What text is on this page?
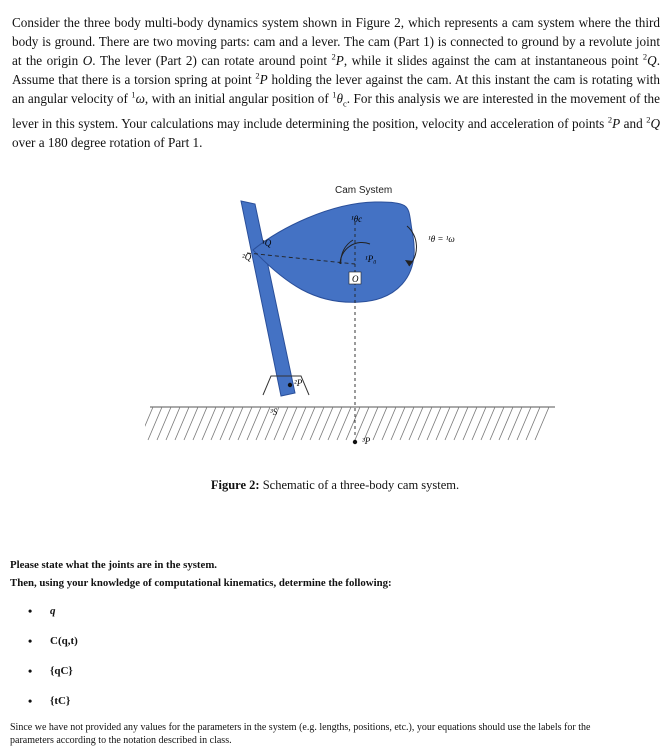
Consider the three body multi-body dynamics system shown in Figure 2, which represents a cam system where the third body is ground. There are two moving parts: cam and a lever. The cam (Part 1) is connected to ground by a revolute joint at the origin O. The lever (Part 2) can rotate around point $^2$P, while it slides against the cam at instantaneous point $^2$Q. Assume that there is a torsion spring at point $^2$P holding the lever against the cam. At this instant the cam is rotating with an angular velocity of $^1$ω, with an initial angular position of $^1\theta_c$. For this analysis we are interested in the movement of the lever in this system. Your calculations may include determining the position, velocity and acceleration of points $^2$P and $^2$Q over a 180 degree rotation of Part 1.
Cam System
¹θc
¹θ = ¹ω
¹Q
²Q
O
¹P₀
²P
³S
³P
Figure 2: Schematic of a three-body cam system.
Please state what the joints are in the system.
Then, using your knowledge of computational kinematics, determine the following:
•	q
•	C(q,t)
•	{qC}
•	{tC}
Since we have not provided any values for the parameters in the system (e.g. lengths, positions, etc.), your equations should use the labels for the parameters according to the notation described in class.
